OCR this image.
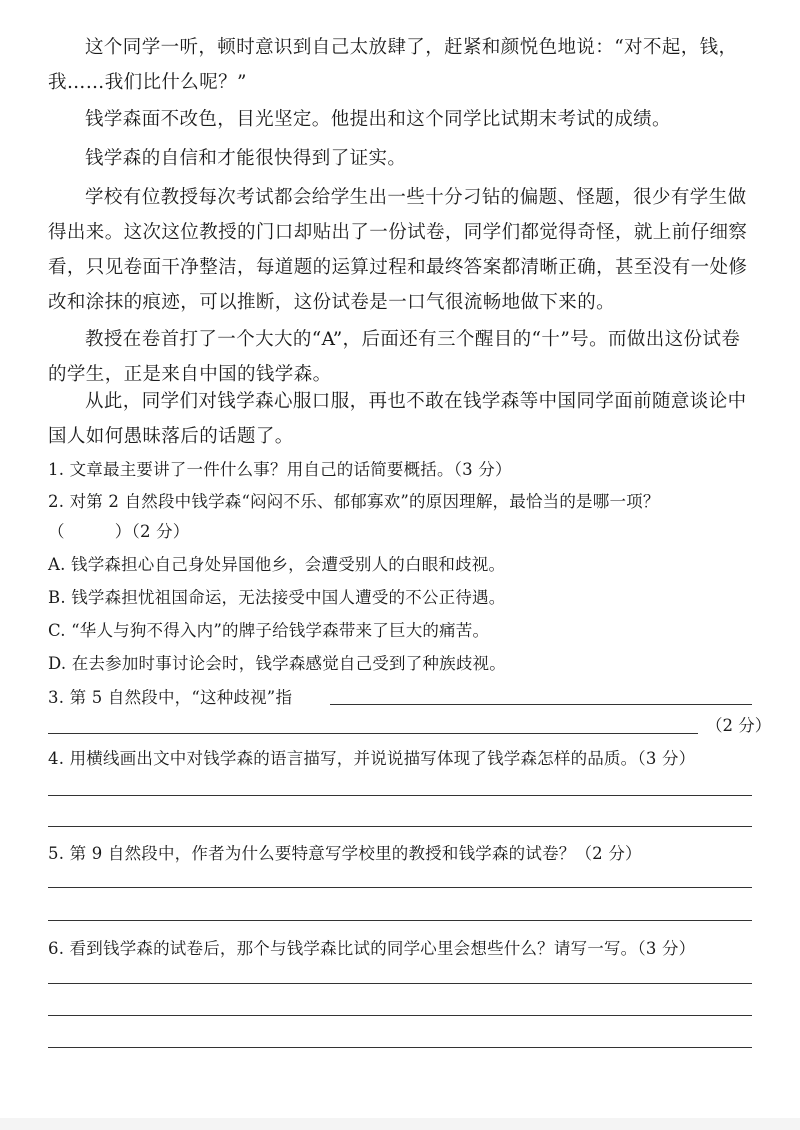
这个同学一听，顿时意识到自己太放肆了，赶紧和颜悦色地说：“对不起，钱，我……我们比什么呢？”

钱学森面不改色，目光坚定。他提出和这个同学比试期末考试的成绩。

钱学森的自信和才能很快得到了证实。

学校有位教授每次考试都会给学生出一些十分刁钻的偏题、怪题，很少有学生做得出来。这次这位教授的门口却贴出了一份试卷，同学们都觉得奇怪，就上前仔细察看，只见卷面干净整洁，每道题的运算过程和最终答案都清晰正确，甚至没有一处修改和涂抹的痕迹，可以推断，这份试卷是一口气很流畅地做下来的。

教授在卷首打了一个大大的“A”，后面还有三个醒目的“十”号。而做出这份试卷的学生，正是来自中国的钱学森。

从此，同学们对钱学森心服口服，再也不敢在钱学森等中国同学面前随意谈论中国人如何愚昧落后的话题了。

1. 文章最主要讲了一件什么事？用自己的话简要概括。（3 分）

2. 对第 2 自然段中钱学森“闷闷不乐、郁郁寡欢”的原因理解，最恰当的是哪一项？

（　　　）（2 分）

A. 钱学森担心自己身处异国他乡，会遭受别人的白眼和歧视。

B. 钱学森担忧祖国命运，无法接受中国人遭受的不公正待遇。

C. “华人与狗不得入内”的牌子给钱学森带来了巨大的痛苦。

D. 在去参加时事讨论会时，钱学森感觉自己受到了种族歧视。

3. 第 5 自然段中，“这种歧视”指

（2 分）

4. 用横线画出文中对钱学森的语言描写，并说说描写体现了钱学森怎样的品质。（3 分）

5. 第 9 自然段中，作者为什么要特意写学校里的教授和钱学森的试卷？（2 分）

6. 看到钱学森的试卷后，那个与钱学森比试的同学心里会想些什么？请写一写。（3 分）
